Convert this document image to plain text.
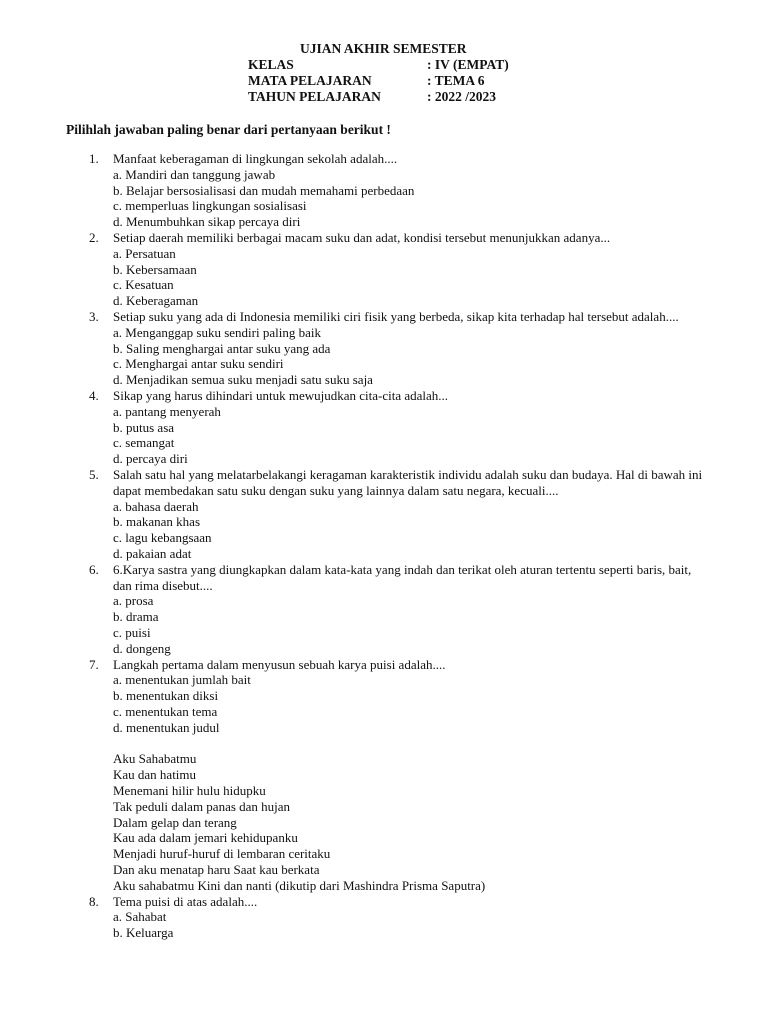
UJIAN AKHIR SEMESTER
KELAS	: IV (EMPAT)
MATA PELAJARAN	: TEMA 6
TAHUN PELAJARAN	: 2022 /2023
Pilihlah jawaban paling benar dari pertanyaan berikut !
1. Manfaat keberagaman di lingkungan sekolah adalah....
a. Mandiri dan tanggung jawab
b. Belajar bersosialisasi dan mudah memahami perbedaan
c. memperluas lingkungan sosialisasi
d. Menumbuhkan sikap percaya diri
2. Setiap daerah memiliki berbagai macam suku dan adat, kondisi tersebut menunjukkan adanya...
a. Persatuan
b. Kebersamaan
c. Kesatuan
d. Keberagaman
3. Setiap suku yang ada di Indonesia memiliki ciri fisik yang berbeda, sikap kita terhadap hal tersebut adalah....
a. Menganggap suku sendiri paling baik
b. Saling menghargai antar suku yang ada
c. Menghargai antar suku sendiri
d. Menjadikan semua suku menjadi satu suku saja
4. Sikap yang harus dihindari untuk mewujudkan cita-cita adalah...
a. pantang menyerah
b. putus asa
c. semangat
d. percaya diri
5. Salah satu hal yang melatarbelakangi keragaman karakteristik individu adalah suku dan budaya. Hal di bawah ini dapat membedakan satu suku dengan suku yang lainnya dalam satu negara, kecuali....
a. bahasa daerah
b. makanan khas
c. lagu kebangsaan
d. pakaian adat
6. 6.Karya sastra yang diungkapkan dalam kata-kata yang indah dan terikat oleh aturan tertentu seperti baris, bait, dan rima disebut....
a. prosa
b. drama
c. puisi
d. dongeng
7. Langkah pertama dalam menyusun sebuah karya puisi adalah....
a. menentukan jumlah bait
b. menentukan diksi
c. menentukan tema
d. menentukan judul
Aku Sahabatmu
Kau dan hatimu
Menemani hilir hulu hidupku
Tak peduli dalam panas dan hujan
Dalam gelap dan terang
Kau ada dalam jemari kehidupanku
Menjadi huruf-huruf di lembaran ceritaku
Dan aku menatap haru Saat kau berkata
Aku sahabatmu Kini dan nanti (dikutip dari Mashindra Prisma Saputra)
8. Tema puisi di atas adalah....
a. Sahabat
b. Keluarga
